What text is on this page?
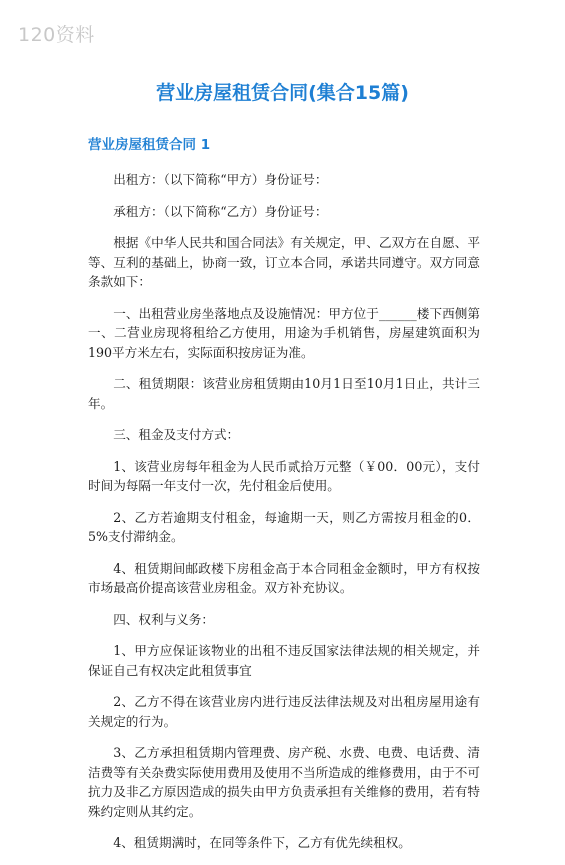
120资料
营业房屋租赁合同(集合15篇)
营业房屋租赁合同 1

出租方：（以下简称“甲方）身份证号：

承租方：（以下简称“乙方）身份证号：

根据《中华人民共和国合同法》有关规定，甲、乙双方在自愿、平等、互利的基础上，协商一致，订立本合同，承诺共同遵守。双方同意条款如下：

一、出租营业房坐落地点及设施情况：甲方位于______楼下西侧第一、二营业房现将租给乙方使用，用途为手机销售，房屋建筑面积为190平方米左右，实际面积按房证为准。

二、租赁期限：该营业房租赁期由10月1日至10月1日止，共计三年。

三、租金及支付方式：

1、该营业房每年租金为人民币贰拾万元整（￥00．00元），支付时间为每隔一年支付一次，先付租金后使用。

2、乙方若逾期支付租金，每逾期一天，则乙方需按月租金的0．5%支付滞纳金。

4、租赁期间邮政楼下房租金高于本合同租金金额时，甲方有权按市场最高价提高该营业房租金。双方补充协议。

四、权利与义务：

1、甲方应保证该物业的出租不违反国家法律法规的相关规定，并保证自己有权决定此租赁事宜

2、乙方不得在该营业房内进行违反法律法规及对出租房屋用途有关规定的行为。

3、乙方承担租赁期内管理费、房产税、水费、电费、电话费、清洁费等有关杂费实际使用费用及使用不当所造成的维修费用，由于不可抗力及非乙方原因造成的损失由甲方负责承担有关维修的费用，若有特殊约定则从其约定。

4、租赁期满时，在同等条件下，乙方有优先续租权。
